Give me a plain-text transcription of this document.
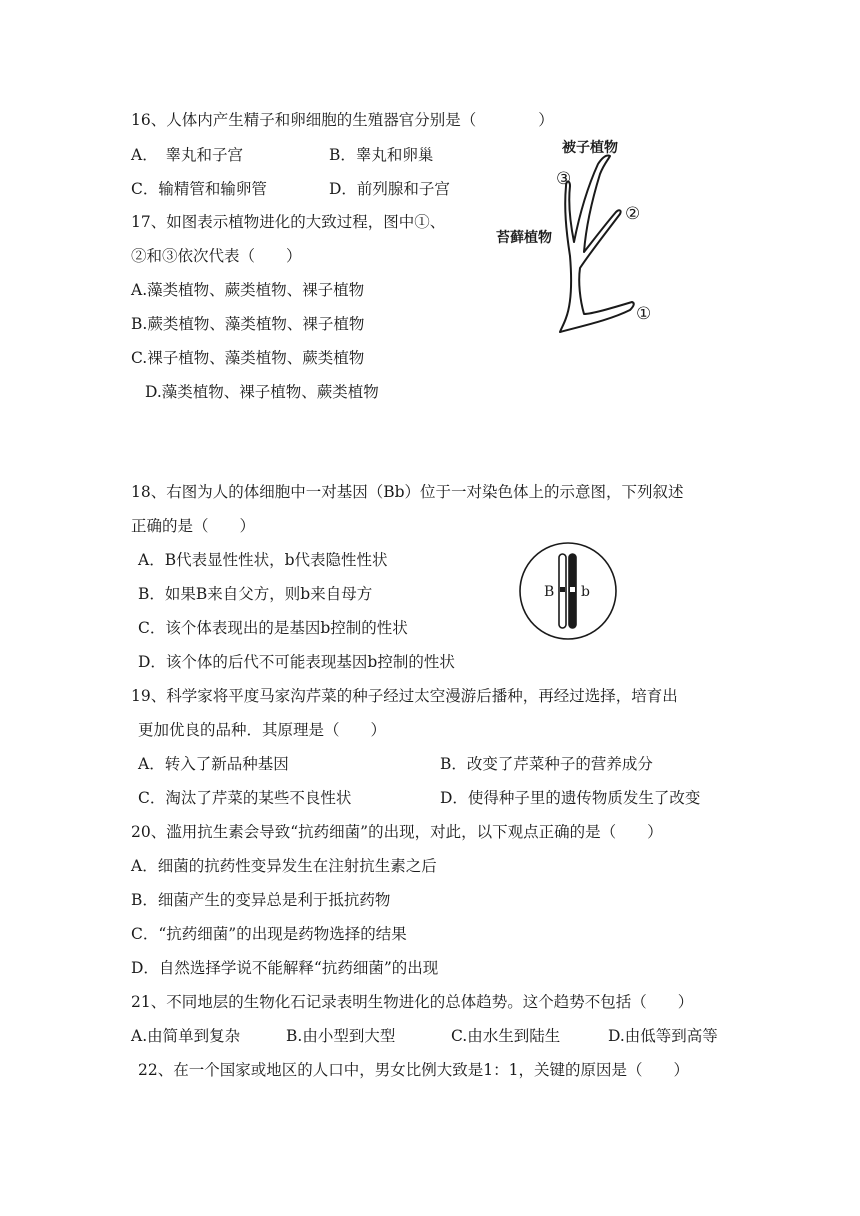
16、人体内产生精子和卵细胞的生殖器官分别是（　　　　）
A．　睾丸和子宫	B．睾丸和卵巢
C．输精管和输卵管	D．前列腺和子宫
17、如图表示植物进化的大致过程，图中①、
②和③依次代表（　　）
A.藻类植物、蕨类植物、裸子植物
B.蕨类植物、藻类植物、裸子植物
C.裸子植物、藻类植物、蕨类植物
D.藻类植物、裸子植物、蕨类植物
被子植物
苔藓植物
③
②
①
18、右图为人的体细胞中一对基因（Bb）位于一对染色体上的示意图，下列叙述
正确的是（　　）
A．B代表显性性状，b代表隐性性状
B．如果B来自父方，则b来自母方
C．该个体表现出的是基因b控制的性状
D．该个体的后代不可能表现基因b控制的性状
B b
19、科学家将平度马家沟芹菜的种子经过太空漫游后播种，再经过选择，培育出
更加优良的品种．其原理是（　　）
A．转入了新品种基因	B．改变了芹菜种子的营养成分
C．淘汰了芹菜的某些不良性状	D．使得种子里的遗传物质发生了改变
20、滥用抗生素会导致“抗药细菌”的出现，对此，以下观点正确的是（　　）
A．细菌的抗药性变异发生在注射抗生素之后
B．细菌产生的变异总是利于抵抗药物
C．“抗药细菌”的出现是药物选择的结果
D．自然选择学说不能解释“抗药细菌”的出现
21、不同地层的生物化石记录表明生物进化的总体趋势。这个趋势不包括（　　）
A.由简单到复杂	B.由小型到大型	C.由水生到陆生	D.由低等到高等
22、在一个国家或地区的人口中，男女比例大致是1：1，关键的原因是（　　）
